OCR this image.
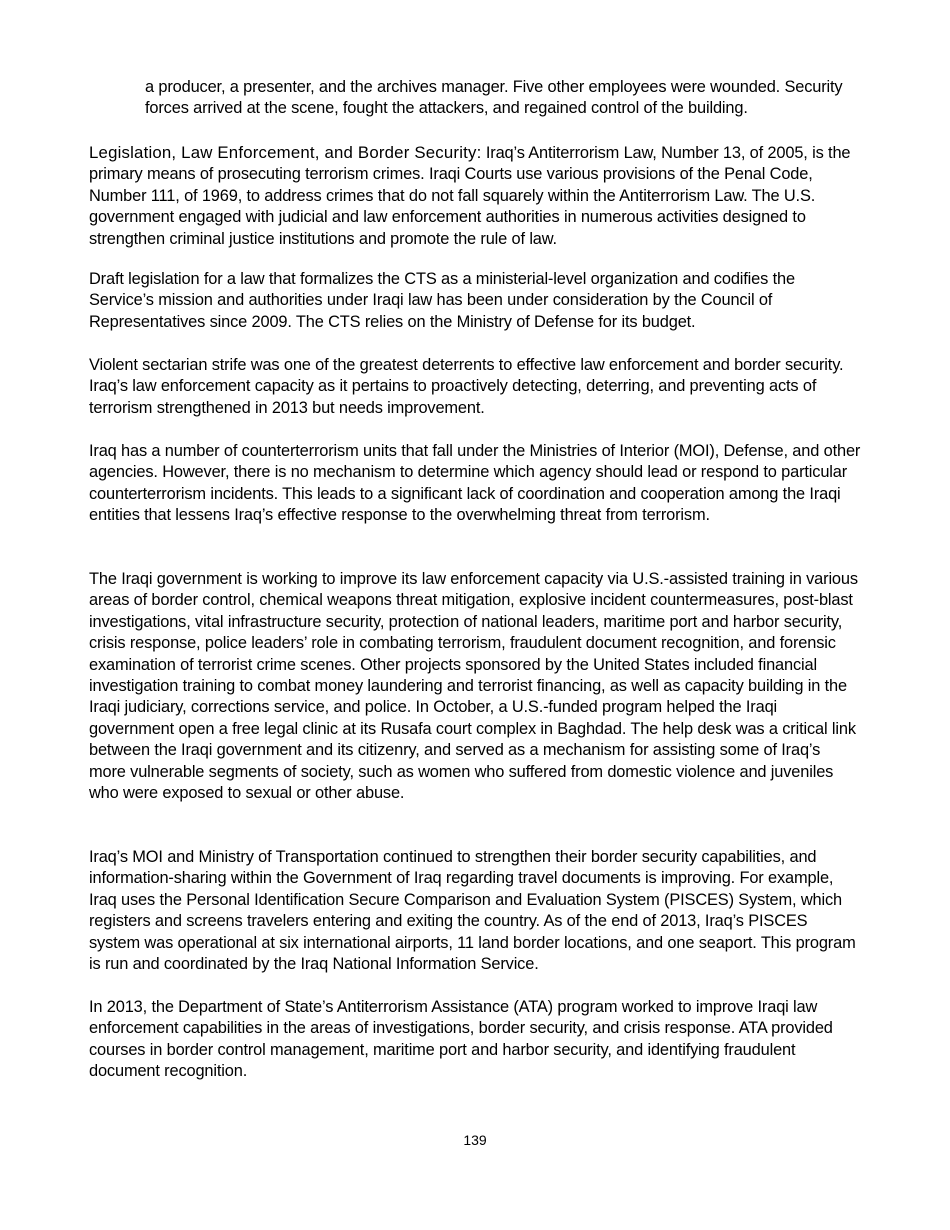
a producer, a presenter, and the archives manager. Five other employees were wounded. Security forces arrived at the scene, fought the attackers, and regained control of the building.

Legislation, Law Enforcement, and Border Security: Iraq’s Antiterrorism Law, Number 13, of 2005, is the primary means of prosecuting terrorism crimes. Iraqi Courts use various provisions of the Penal Code, Number 111, of 1969, to address crimes that do not fall squarely within the Antiterrorism Law. The U.S. government engaged with judicial and law enforcement authorities in numerous activities designed to strengthen criminal justice institutions and promote the rule of law.

Draft legislation for a law that formalizes the CTS as a ministerial-level organization and codifies the Service’s mission and authorities under Iraqi law has been under consideration by the Council of Representatives since 2009. The CTS relies on the Ministry of Defense for its budget.

Violent sectarian strife was one of the greatest deterrents to effective law enforcement and border security. Iraq’s law enforcement capacity as it pertains to proactively detecting, deterring, and preventing acts of terrorism strengthened in 2013 but needs improvement.

Iraq has a number of counterterrorism units that fall under the Ministries of Interior (MOI), Defense, and other agencies. However, there is no mechanism to determine which agency should lead or respond to particular counterterrorism incidents. This leads to a significant lack of coordination and cooperation among the Iraqi entities that lessens Iraq’s effective response to the overwhelming threat from terrorism.

The Iraqi government is working to improve its law enforcement capacity via U.S.-assisted training in various areas of border control, chemical weapons threat mitigation, explosive incident countermeasures, post-blast investigations, vital infrastructure security, protection of national leaders, maritime port and harbor security, crisis response, police leaders’ role in combating terrorism, fraudulent document recognition, and forensic examination of terrorist crime scenes. Other projects sponsored by the United States included financial investigation training to combat money laundering and terrorist financing, as well as capacity building in the Iraqi judiciary, corrections service, and police. In October, a U.S.-funded program helped the Iraqi government open a free legal clinic at its Rusafa court complex in Baghdad. The help desk was a critical link between the Iraqi government and its citizenry, and served as a mechanism for assisting some of Iraq’s more vulnerable segments of society, such as women who suffered from domestic violence and juveniles who were exposed to sexual or other abuse.

Iraq’s MOI and Ministry of Transportation continued to strengthen their border security capabilities, and information-sharing within the Government of Iraq regarding travel documents is improving. For example, Iraq uses the Personal Identification Secure Comparison and Evaluation System (PISCES) System, which registers and screens travelers entering and exiting the country. As of the end of 2013, Iraq’s PISCES system was operational at six international airports, 11 land border locations, and one seaport. This program is run and coordinated by the Iraq National Information Service.

In 2013, the Department of State’s Antiterrorism Assistance (ATA) program worked to improve Iraqi law enforcement capabilities in the areas of investigations, border security, and crisis response. ATA provided courses in border control management, maritime port and harbor security, and identifying fraudulent document recognition.

139
